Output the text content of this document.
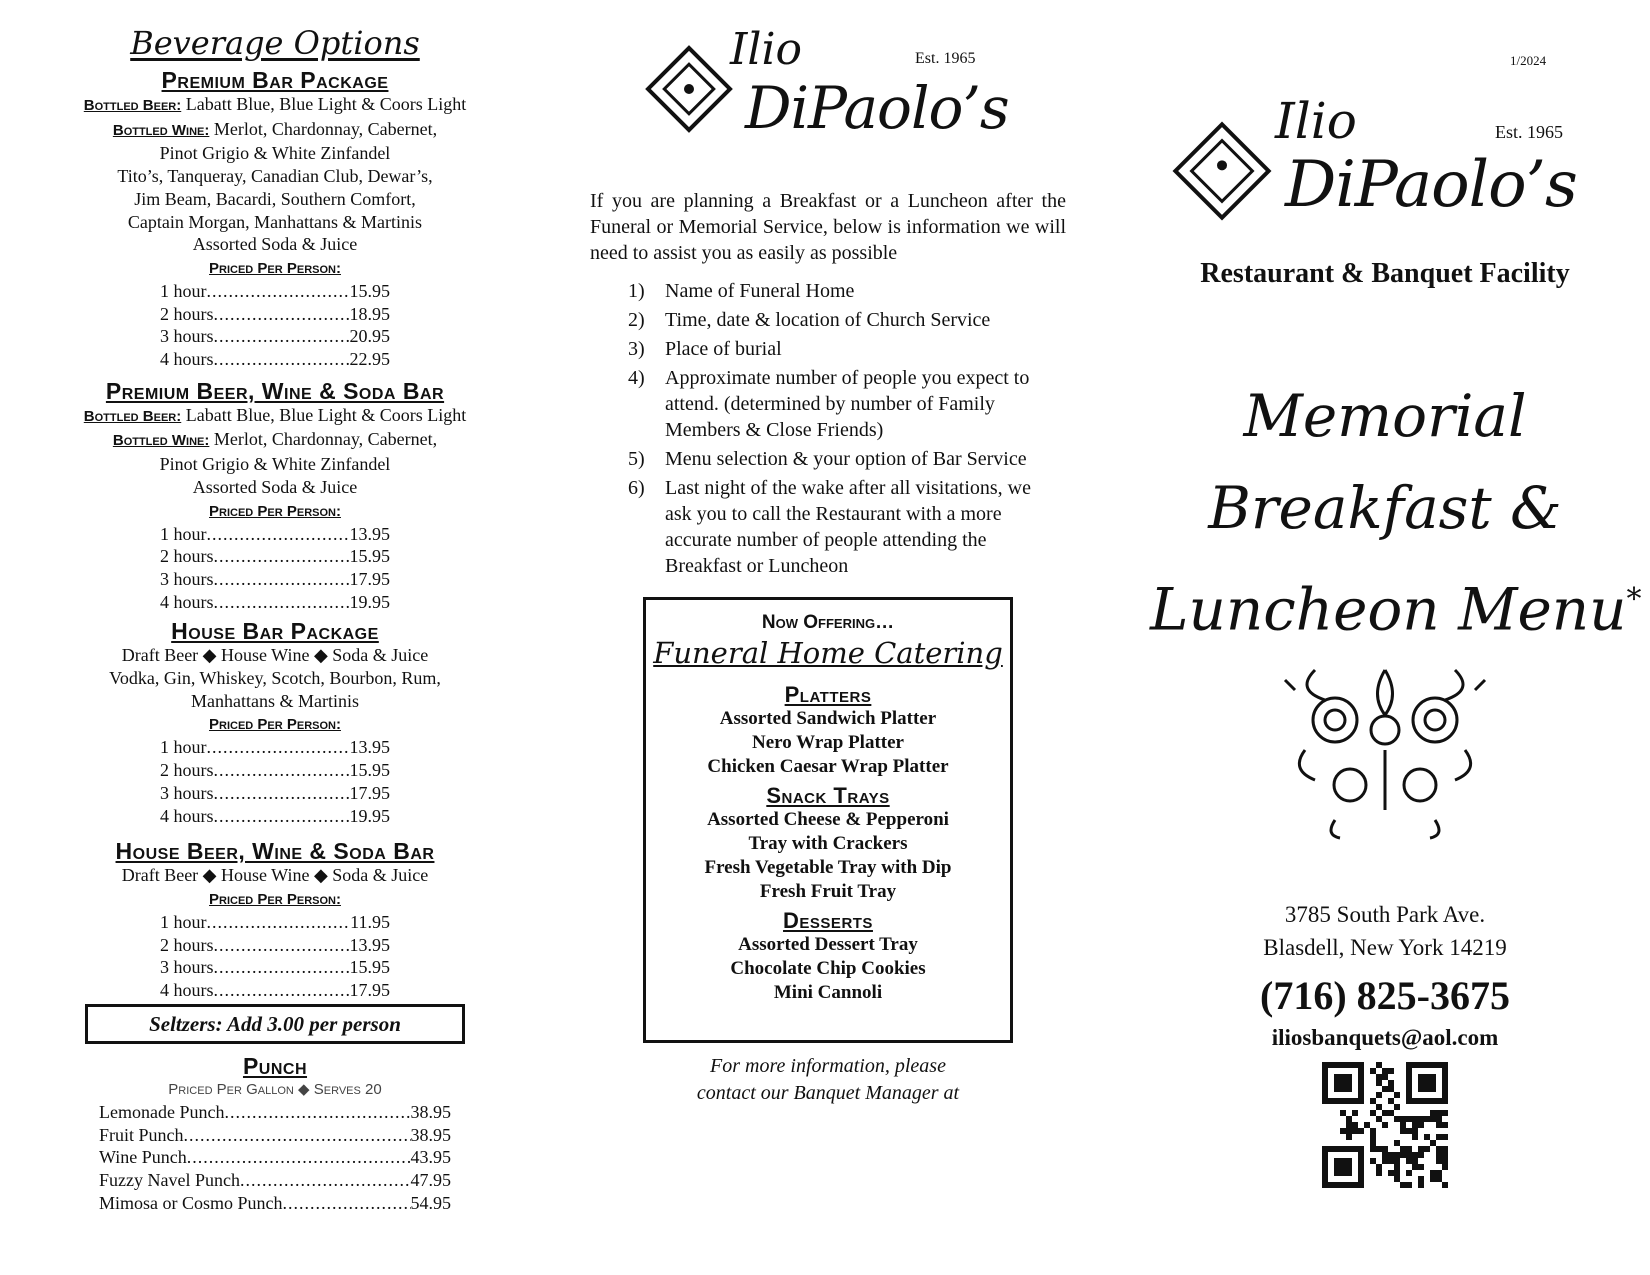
Beverage Options
Premium Bar Package
Bottled Beer: Labatt Blue, Blue Light & Coors Light
Bottled Wine: Merlot, Chardonnay, Cabernet,
Pinot Grigio & White Zinfandel
Tito’s, Tanqueray, Canadian Club, Dewar’s,
Jim Beam, Bacardi, Southern Comfort,
Captain Morgan, Manhattans & Martinis
Assorted Soda & Juice
Priced Per Person:
1 hour .....	15.95
2 hours .....	18.95
3 hours .....	20.95
4 hours .....	22.95
Premium Beer, Wine & Soda Bar
Bottled Beer: Labatt Blue, Blue Light & Coors Light
Bottled Wine: Merlot, Chardonnay, Cabernet,
Pinot Grigio & White Zinfandel
Assorted Soda & Juice
Priced Per Person:
1 hour .....	13.95
2 hours .....	15.95
3 hours .....	17.95
4 hours .....	19.95
House Bar Package
Draft Beer ◆ House Wine ◆ Soda & Juice
Vodka, Gin, Whiskey, Scotch, Bourbon, Rum,
Manhattans & Martinis
Priced Per Person:
1 hour .....	13.95
2 hours .....	15.95
3 hours .....	17.95
4 hours .....	19.95
House Beer, Wine & Soda Bar
Draft Beer ◆ House Wine ◆ Soda & Juice
Priced Per Person:
1 hour .....	11.95
2 hours .....	13.95
3 hours .....	15.95
4 hours .....	17.95
Seltzers: Add 3.00 per person
Punch
Priced Per Gallon ◆ Serves 20
Lemonade Punch .....	38.95
Fruit Punch .....	38.95
Wine Punch .....	43.95
Fuzzy Navel Punch .....	47.95
Mimosa or Cosmo Punch .....	54.95
Ilio	Est. 1965
DiPaolo’s

If you are planning a Breakfast or a Luncheon after the Funeral or Memorial Service, below is information we will need to assist you as easily as possible

1)	Name of Funeral Home
2)	Time, date & location of Church Service
3)	Place of burial
4)	Approximate number of people you expect to attend. (determined by number of Family
Members & Close Friends)
5)	Menu selection & your option of Bar Service
6)	Last night of the wake after all visitations, we ask you to call the Restaurant with a more accurate number of people attending the Breakfast or Luncheon
Now Offering…
Funeral Home Catering
Platters
Assorted Sandwich Platter
Nero Wrap Platter
Chicken Caesar Wrap Platter
Snack Trays
Assorted Cheese & Pepperoni
Tray with Crackers
Fresh Vegetable Tray with Dip
Fresh Fruit Tray
Desserts
Assorted Dessert Tray
Chocolate Chip Cookies
Mini Cannoli
For more information, please
contact our Banquet Manager at
1/2024
Ilio	Est. 1965
DiPaolo’s
Restaurant & Banquet Facility
Memorial
Breakfast &
Luncheon Menu*
3785 South Park Ave.
Blasdell, New York 14219
(716) 825-3675
iliosbanquets@aol.com
